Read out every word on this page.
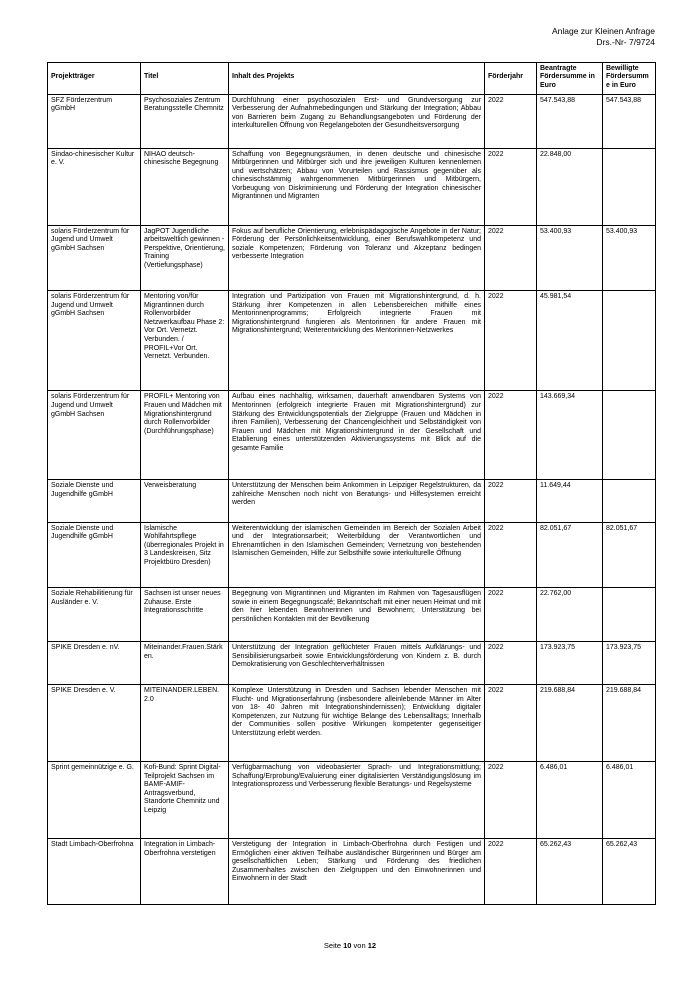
Anlage zur Kleinen Anfrage
Drs.-Nr- 7/9724
Projektträger	Titel	Inhalt des Projekts	Förderjahr	Beantragte Fördersumme in Euro	Bewilligte Fördersumme in Euro
SFZ Förderzentrum gGmbH	Psychosoziales Zentrum Beratungsstelle Chemnitz	Durchführung einer psychosozialen Erst- und Grundversorgung zur Verbesserung der Aufnahmebedingungen und Stärkung der Integration; Abbau von Barrieren beim Zugang zu Behandlungsangeboten und Förderung der interkulturellen Öffnung von Regelangeboten der Gesundheitsversorgung	2022	547.543,88	547.543,88
Sindao-chinesischer Kultur e. V.	NIHAO deutsch-chinesische Begegnung	Schaffung von Begegnungsräumen, in denen deutsche und chinesische Mitbürgerinnen und Mitbürger sich und ihre jeweiligen Kulturen kennenlernen und wertschätzen; Abbau von Vorurteilen und Rassismus gegenüber als chinesischstämmig wahrgenommenen Mitbürgerinnen und Mitbürgern, Vorbeugung von Diskriminierung und Förderung der Integration chinesischer Migrantinnen und Migranten	2022	22.848,00	
solaris Förderzentrum für Jugend und Umwelt gGmbH Sachsen	JagPOT Jugendliche arbeitsweltlich gewinnen - Perspektive, Orientierung, Training (Vertiefungsphase)	Fokus auf berufliche Orientierung, erlebnispädagogische Angebote in der Natur; Förderung der Persönlichkeitsentwicklung, einer Berufswahlkompetenz und soziale Kompetenzen; Förderung von Toleranz und Akzeptanz bedingen verbesserte Integration	2022	53.400,93	53.400,93
solaris Förderzentrum für Jugend und Umwelt gGmbH Sachsen	Mentoring von/für Migrantinnen durch Rollenvorbilder Netzwerkaufbau Phase 2: Vor Ort. Vernetzt. Verbunden. / PROFIL+Vor Ort. Vernetzt. Verbunden.	Integration und Partizipation von Frauen mit Migrationshintergrund, d. h. Stärkung ihrer Kompetenzen in allen Lebensbereichen mithilfe eines Mentorinnenprogramms; Erfolgreich integrierte Frauen mit Migrationshintergrund fungieren als Mentorinnen für andere Frauen mit Migrationshintergrund; Weiterentwicklung des Mentorinnen-Netzwerkes	2022	45.981,54	
solaris Förderzentrum für Jugend und Umwelt gGmbH Sachsen	PROFIL+ Mentoring von Frauen und Mädchen mit Migrationshintergrund durch Rollenvorbilder (Durchführungsphase)	Aufbau eines nachhaltig, wirksamen, dauerhaft anwendbaren Systems von Mentorinnen (erfolgreich integrierte Frauen mit Migrationshintergrund) zur Stärkung des Entwicklungspotentials der Zielgruppe (Frauen und Mädchen in ihren Familien), Verbesserung der Chancengleichheit und Selbständigkeit von Frauen und Mädchen mit Migrationshintergrund in der Gesellschaft und Etablierung eines unterstützenden Aktivierungssystems mit Blick auf die gesamte Familie	2022	143.669,34	
Soziale Dienste und Jugendhilfe gGmbH	Verweisberatung	Unterstützung der Menschen beim Ankommen in Leipziger Regelstrukturen, da zahlreiche Menschen noch nicht von Beratungs- und Hilfesystemen erreicht werden	2022	11.649,44	
Soziale Dienste und Jugendhilfe gGmbH	Islamische Wohlfahrtspflege (überregionales Projekt in 3 Landeskreisen, Sitz Projektbüro Dresden)	Weiterentwicklung der islamischen Gemeinden im Bereich der Sozialen Arbeit und der Integrationsarbeit; Weiterbildung der Verantwortlichen und Ehrenamtlichen in den Islamischen Gemeinden; Vernetzung von bestehenden Islamischen Gemeinden, Hilfe zur Selbsthilfe sowie interkulturelle Öffnung	2022	82.051,67	82.051,67
Soziale Rehabilitierung für Ausländer e. V.	Sachsen ist unser neues Zuhause. Erste Integrationsschritte	Begegnung von Migrantinnen und Migranten im Rahmen von Tagesausflügen sowie in einem Begegnungscafé; Bekanntschaft mit einer neuen Heimat und mit den hier lebenden Bewohnerinnen und Bewohnern; Unterstützung bei persönlichen Kontakten mit der Bevölkerung	2022	22.762,00	
SPIKE Dresden e. nV.	Miteinander.Frauen.Stärken.	Unterstützung der Integration geflüchteter Frauen mittels Aufklärungs- und Sensibilisierungsarbeit sowie Entwicklungsförderung von Kindern z. B. durch Demokratisierung von Geschlechterverhältnissen	2022	173.923,75	173.923,75
SPIKE Dresden e. V.	MITEINANDER.LEBEN. 2.0	Komplexe Unterstützung in Dresden und Sachsen lebender Menschen mit Flucht- und Migrationserfahrung (insbesondere alleinlebende Männer im Alter von 18- 40 Jahren mit Integrationshindernissen); Entwicklung digitaler Kompetenzen, zur Nutzung für wichtige Belange des Lebensalltags; Innerhalb der Communities sollen positive Wirkungen kompetenter gegenseitiger Unterstützung erlebt werden.	2022	219.688,84	219.688,84
Sprint gemeinnützige e. G.	Kofi-Bund: Sprint Digital-Teilprojekt Sachsen im BAMF-AMIF-Antragsverbund, Standorte Chemnitz und Leipzig	Verfügbarmachung von videobasierter Sprach- und Integrationsmittlung; Schaffung/Erprobung/Evaluierung einer digitalisierten Verständigungslösung im Integrationsprozess und Verbesserung flexible Beratungs- und Regelsysteme	2022	6.486,01	6.486,01
Stadt Limbach-Oberfrohna	Integration in Limbach-Oberfrohna verstetigen	Verstetigung der Integration in Limbach-Oberfrohna durch Festigen und Ermöglichen einer aktiven Teilhabe ausländischer Bürgerinnen und Bürger am gesellschaftlichen Leben; Stärkung und Förderung des friedlichen Zusammenhaltes zwischen den Zielgruppen und den Einwohnerinnen und Einwohnern in der Stadt	2022	65.262,43	65.262,43
Seite 10 von 12
